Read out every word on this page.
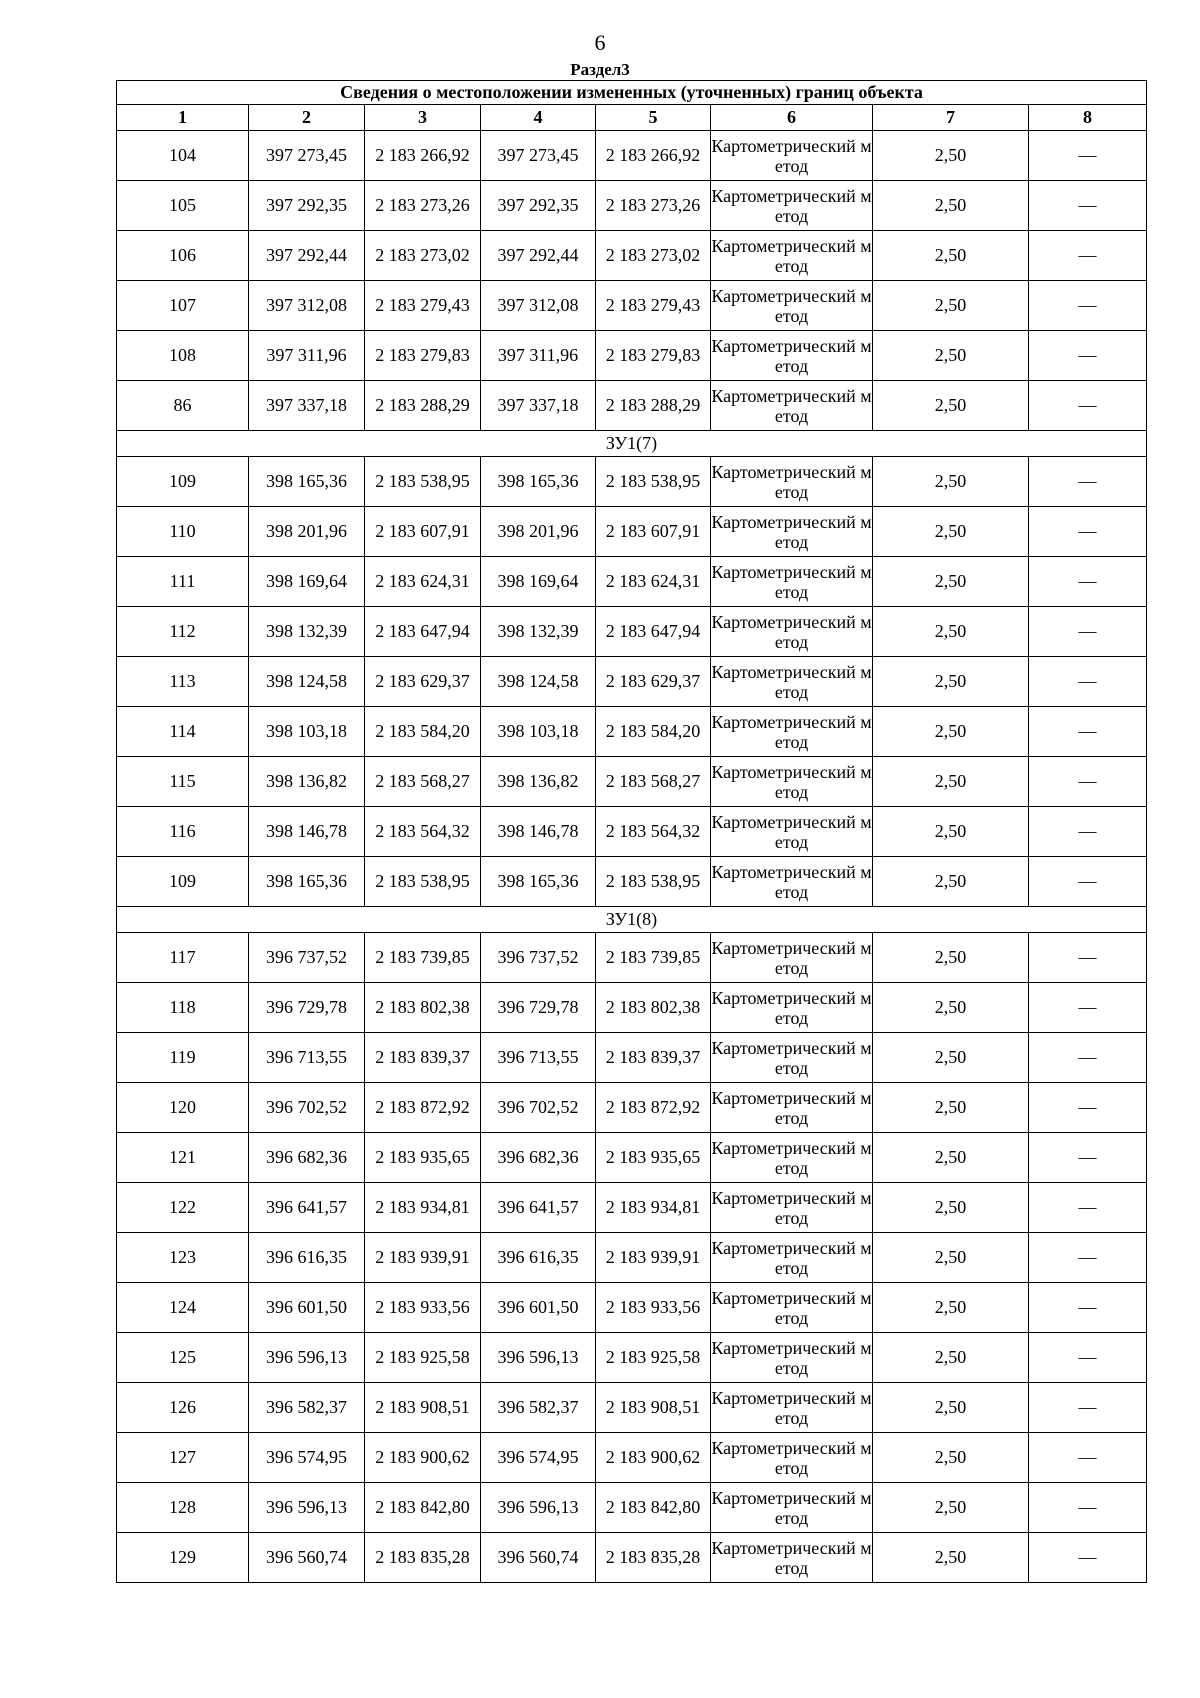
6
Раздел3
Сведения о местоположении измененных (уточненных) границ объекта							
1	2	3	4	5	6	7	8
104	397 273,45	2 183 266,92	397 273,45	2 183 266,92	Картометрический метод	2,50	—
105	397 292,35	2 183 273,26	397 292,35	2 183 273,26	Картометрический метод	2,50	—
106	397 292,44	2 183 273,02	397 292,44	2 183 273,02	Картометрический метод	2,50	—
107	397 312,08	2 183 279,43	397 312,08	2 183 279,43	Картометрический метод	2,50	—
108	397 311,96	2 183 279,83	397 311,96	2 183 279,83	Картометрический метод	2,50	—
86	397 337,18	2 183 288,29	397 337,18	2 183 288,29	Картометрический метод	2,50	—
ЗУ1(7)							
109	398 165,36	2 183 538,95	398 165,36	2 183 538,95	Картометрический метод	2,50	—
110	398 201,96	2 183 607,91	398 201,96	2 183 607,91	Картометрический метод	2,50	—
111	398 169,64	2 183 624,31	398 169,64	2 183 624,31	Картометрический метод	2,50	—
112	398 132,39	2 183 647,94	398 132,39	2 183 647,94	Картометрический метод	2,50	—
113	398 124,58	2 183 629,37	398 124,58	2 183 629,37	Картометрический метод	2,50	—
114	398 103,18	2 183 584,20	398 103,18	2 183 584,20	Картометрический метод	2,50	—
115	398 136,82	2 183 568,27	398 136,82	2 183 568,27	Картометрический метод	2,50	—
116	398 146,78	2 183 564,32	398 146,78	2 183 564,32	Картометрический метод	2,50	—
109	398 165,36	2 183 538,95	398 165,36	2 183 538,95	Картометрический метод	2,50	—
ЗУ1(8)							
117	396 737,52	2 183 739,85	396 737,52	2 183 739,85	Картометрический метод	2,50	—
118	396 729,78	2 183 802,38	396 729,78	2 183 802,38	Картометрический метод	2,50	—
119	396 713,55	2 183 839,37	396 713,55	2 183 839,37	Картометрический метод	2,50	—
120	396 702,52	2 183 872,92	396 702,52	2 183 872,92	Картометрический метод	2,50	—
121	396 682,36	2 183 935,65	396 682,36	2 183 935,65	Картометрический метод	2,50	—
122	396 641,57	2 183 934,81	396 641,57	2 183 934,81	Картометрический метод	2,50	—
123	396 616,35	2 183 939,91	396 616,35	2 183 939,91	Картометрический метод	2,50	—
124	396 601,50	2 183 933,56	396 601,50	2 183 933,56	Картометрический метод	2,50	—
125	396 596,13	2 183 925,58	396 596,13	2 183 925,58	Картометрический метод	2,50	—
126	396 582,37	2 183 908,51	396 582,37	2 183 908,51	Картометрический метод	2,50	—
127	396 574,95	2 183 900,62	396 574,95	2 183 900,62	Картометрический метод	2,50	—
128	396 596,13	2 183 842,80	396 596,13	2 183 842,80	Картометрический метод	2,50	—
129	396 560,74	2 183 835,28	396 560,74	2 183 835,28	Картометрический метод	2,50	—
